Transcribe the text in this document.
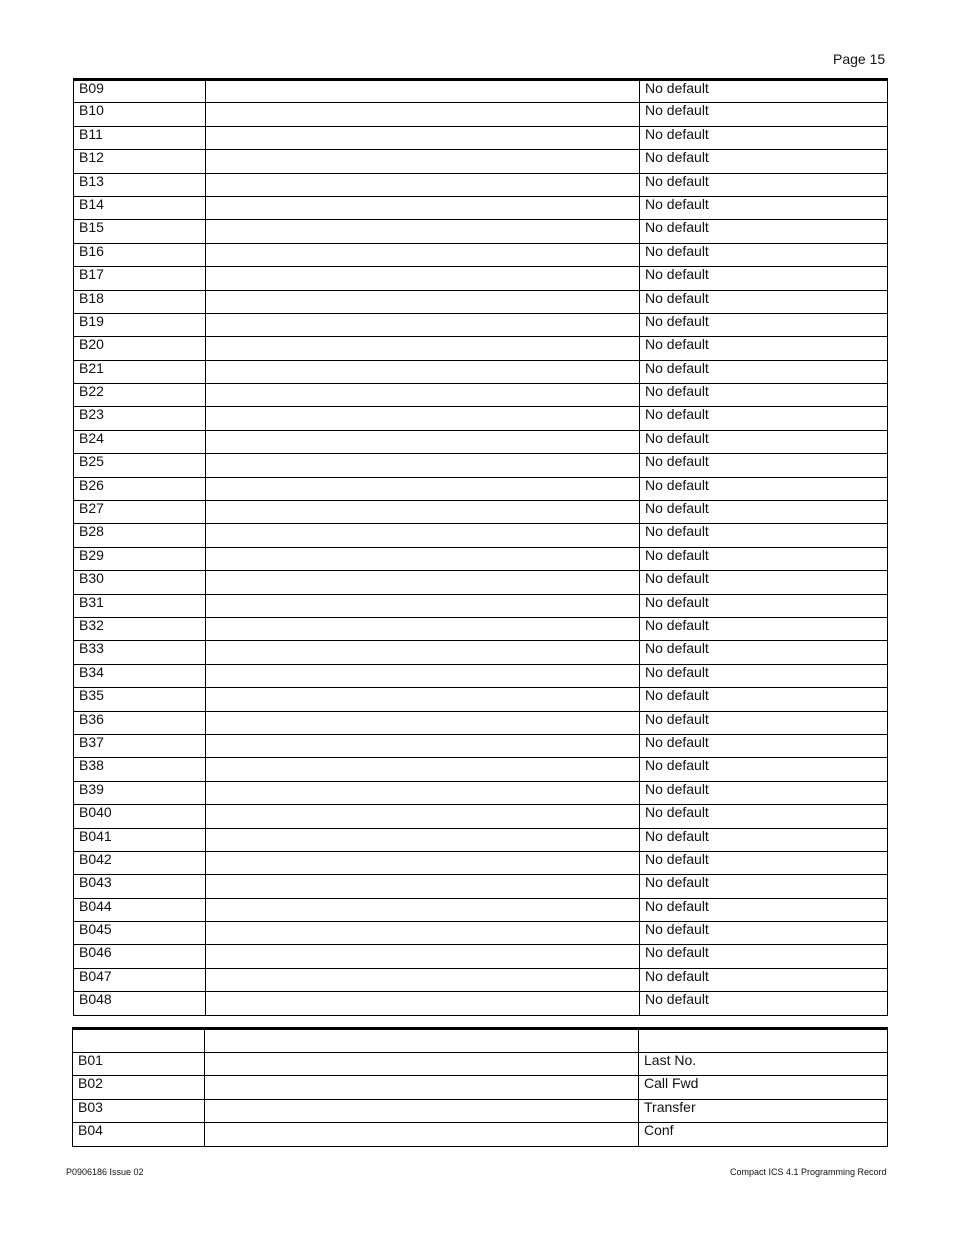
Page 15
B09		No default
B10		No default
B11		No default
B12		No default
B13		No default
B14		No default
B15		No default
B16		No default
B17		No default
B18		No default
B19		No default
B20		No default
B21		No default
B22		No default
B23		No default
B24		No default
B25		No default
B26		No default
B27		No default
B28		No default
B29		No default
B30		No default
B31		No default
B32		No default
B33		No default
B34		No default
B35		No default
B36		No default
B37		No default
B38		No default
B39		No default
B040		No default
B041		No default
B042		No default
B043		No default
B044		No default
B045		No default
B046		No default
B047		No default
B048		No default

B01		Last No.
B02		Call Fwd
B03		Transfer
B04		Conf
P0906186 Issue 02	Compact ICS 4.1 Programming Record
